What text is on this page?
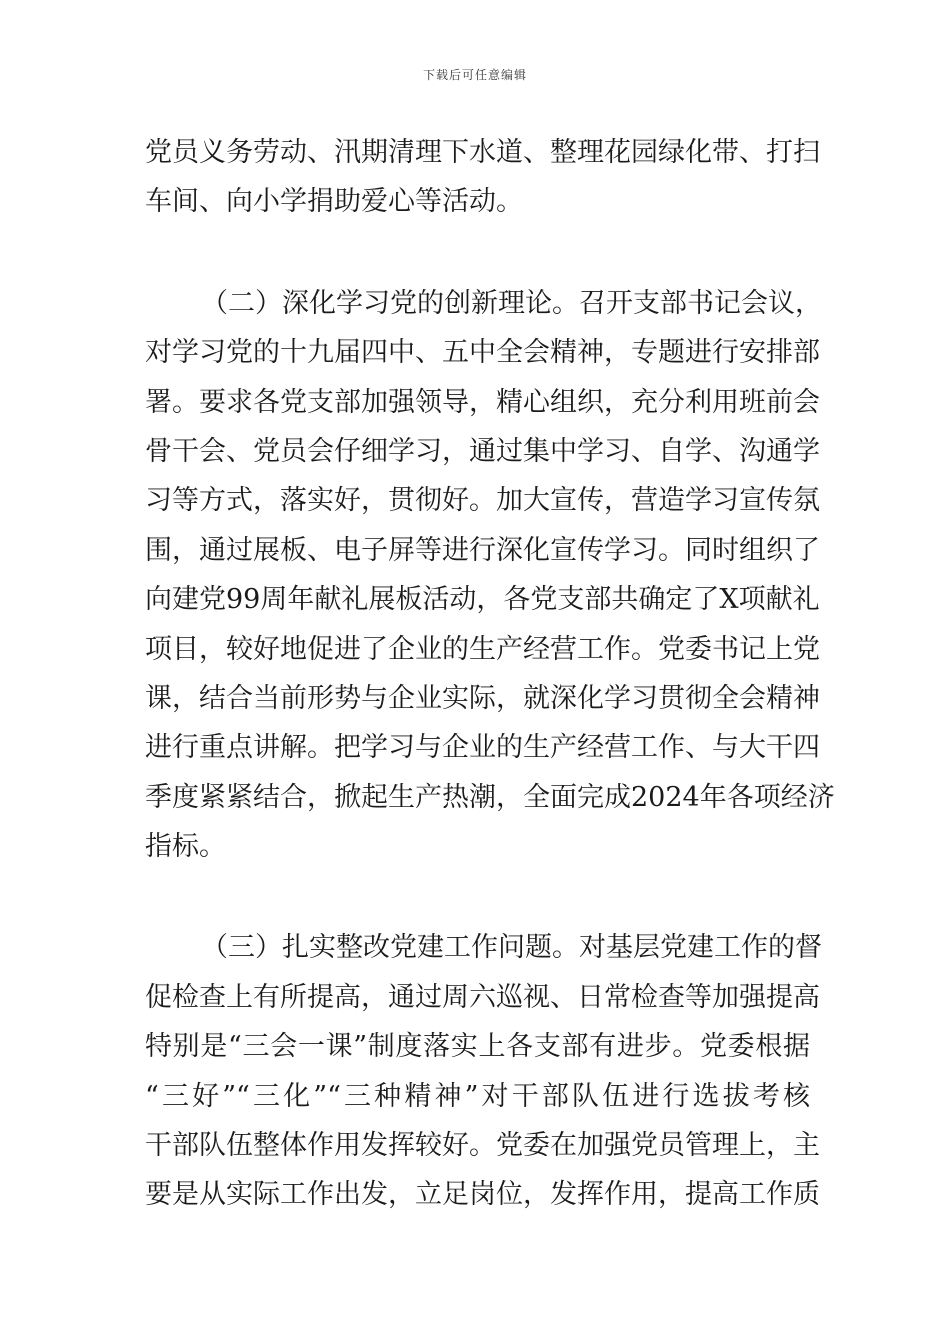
下载后可任意编辑
党员义务劳动、汛期清理下水道、整理花园绿化带、打扫
车间、向小学捐助爱心等活动。
（二）深化学习党的创新理论。召开支部书记会议，
对学习党的十九届四中、五中全会精神，专题进行安排部
署。要求各党支部加强领导，精心组织，充分利用班前会
骨干会、党员会仔细学习，通过集中学习、自学、沟通学
习等方式，落实好，贯彻好。加大宣传，营造学习宣传氛
围，通过展板、电子屏等进行深化宣传学习。同时组织了
向建党99周年献礼展板活动，各党支部共确定了X项献礼
项目，较好地促进了企业的生产经营工作。党委书记上党
课，结合当前形势与企业实际，就深化学习贯彻全会精神
进行重点讲解。把学习与企业的生产经营工作、与大干四
季度紧紧结合，掀起生产热潮，全面完成2024年各项经济
指标。
（三）扎实整改党建工作问题。对基层党建工作的督
促检查上有所提高，通过周六巡视、日常检查等加强提高
特别是“三会一课”制度落实上各支部有进步。党委根据
“三好”“三化”“三种精神”对干部队伍进行选拔考核
干部队伍整体作用发挥较好。党委在加强党员管理上，主
要是从实际工作出发，立足岗位，发挥作用，提高工作质
